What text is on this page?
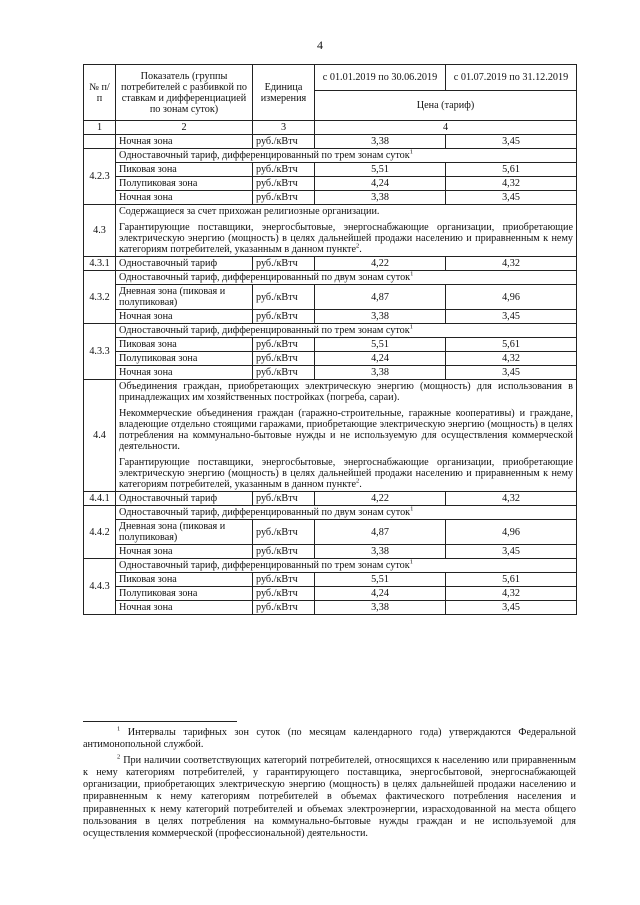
4
№ п/п	Показатель (группы потребителей с разбивкой по ставкам и дифференциацией по зонам суток)	Единица измерения	с 01.01.2019 по 30.06.2019	с 01.07.2019 по 31.12.2019
			Цена (тариф)	
1	2	3	4	
	Ночная зона	руб./кВтч	3,38	3,45
4.2.3	Одноставочный тариф, дифференцированный по трем зонам суток$^1$
	Пиковая зона	руб./кВтч	5,51	5,61
	Полупиковая зона	руб./кВтч	4,24	4,32
	Ночная зона	руб./кВтч	3,38	3,45
4.3	Содержащиеся за счет прихожан религиозные организации.

Гарантирующие поставщики, энергосбытовые, энергоснабжающие организации, приобретающие электрическую энергию (мощность) в целях дальнейшей продажи населению и приравненным к нему категориям потребителей, указанным в данном пункте$^2$.			

4.3.1	Одноставочный тариф	руб./кВтч	4,22	4,32
4.3.2	Одноставочный тариф, дифференцированный по двум зонам суток$^1$
	Дневная зона (пиковая и полупиковая)	руб./кВтч	4,87	4,96
	Ночная зона	руб./кВтч	3,38	3,45
4.3.3	Одноставочный тариф, дифференцированный по трем зонам суток$^1$
	Пиковая зона	руб./кВтч	5,51	5,61
	Полупиковая зона	руб./кВтч	4,24	4,32
	Ночная зона	руб./кВтч	3,38	3,45
4.4	Объединения граждан, приобретающих электрическую энергию (мощность) для использования в принадлежащих им хозяйственных постройках (погреба, сараи).

Некоммерческие объединения граждан (гаражно-строительные, гаражные кооперативы) и граждане, владеющие отдельно стоящими гаражами, приобретающие электрическую энергию (мощность) в целях потребления на коммунально-бытовые нужды и не используемую для осуществления коммерческой деятельности.

Гарантирующие поставщики, энергосбытовые, энергоснабжающие организации, приобретающие электрическую энергию (мощность) в целях дальнейшей продажи населению и приравненным к нему категориям потребителей, указанным в данном пункте$^2$.			

4.4.1	Одноставочный тариф	руб./кВтч	4,22	4,32
4.4.2	Одноставочный тариф, дифференцированный по двум зонам суток$^1$
	Дневная зона (пиковая и полупиковая)	руб./кВтч	4,87	4,96
	Ночная зона	руб./кВтч	3,38	3,45
4.4.3	Одноставочный тариф, дифференцированный по трем зонам суток$^1$
	Пиковая зона	руб./кВтч	5,51	5,61
	Полупиковая зона	руб./кВтч	4,24	4,32
	Ночная зона	руб./кВтч	3,38	3,45

$^1$ Интервалы тарифных зон суток (по месяцам календарного года) утверждаются Федеральной антимонопольной службой.

$^2$ При наличии соответствующих категорий потребителей, относящихся к населению или приравненным к нему категориям потребителей, у гарантирующего поставщика, энергосбытовой, энергоснабжающей организации, приобретающих электрическую энергию (мощность) в целях дальнейшей продажи населению и приравненным к нему категориям потребителей в объемах фактического потребления населения и приравненных к нему категорий потребителей и объемах электроэнергии, израсходованной на места общего пользования в целях потребления на коммунально-бытовые нужды граждан и не используемой для осуществления коммерческой (профессиональной) деятельности.
